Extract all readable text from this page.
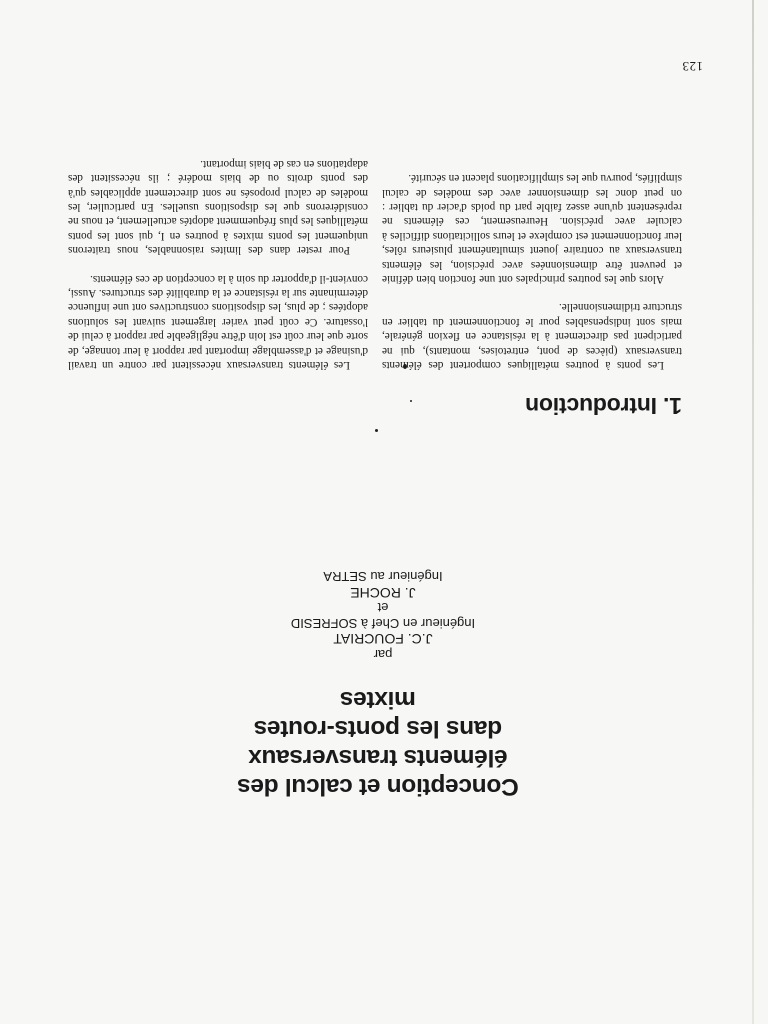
123
Conception et calcul des éléments transversaux dans les ponts-routes mixtes
par
J.C. FOUCRIAT
Ingénieur en Chef à SOFRESID
et
J. ROCHE
Ingénieur au SETRA
1. Introduction

Les ponts à poutres métalliques comportent des éléments transversaux (pièces de pont, entretoises, montants), qui ne participent pas directement à la résistance en flexion générale, mais sont indispensables pour le fonctionnement du tablier en structure tridimensionnelle.

Alors que les poutres principales ont une fonction bien définie et peuvent être dimensionnées avec précision, les éléments transversaux au contraire jouent simultanément plusieurs rôles, leur fonctionnement est complexe et leurs sollicitations difficiles à calculer avec précision. Heureusement, ces éléments ne représentent qu'une assez faible part du poids d'acier du tablier : on peut donc les dimensionner avec des modèles de calcul simplifiés, pourvu que les simplifications placent en sécurité.

Les éléments transversaux nécessitent par contre un travail d'usinage et d'assemblage important par rapport à leur tonnage, de sorte que leur coût est loin d'être négligeable par rapport à celui de l'ossature. Ce coût peut varier largement suivant les solutions adoptées ; de plus, les dispositions constructives ont une influence déterminante sur la résistance et la durabilité des structures. Aussi, convient-il d'apporter du soin à la conception de ces éléments.

Pour rester dans des limites raisonnables, nous traiterons uniquement les ponts mixtes à poutres en I, qui sont les ponts métalliques les plus fréquemment adoptés actuellement, et nous ne considérerons que les dispositions usuelles. En particulier, les modèles de calcul proposés ne sont directement applicables qu'à des ponts droits ou de biais modéré ; ils nécessitent des adaptations en cas de biais important.
